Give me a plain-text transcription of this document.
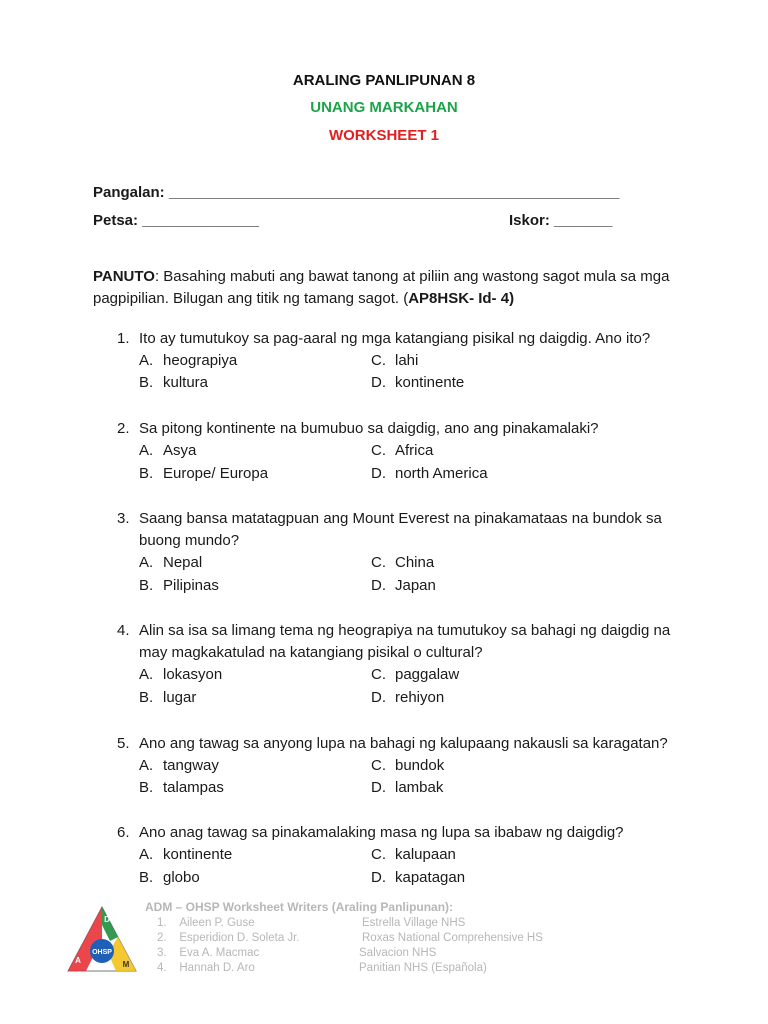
ARALING PANLIPUNAN 8
UNANG MARKAHAN
WORKSHEET 1
Pangalan: ______________________________________________________
Petsa: ______________	Iskor: _______
PANUTO: Basahing mabuti ang bawat tanong at piliin ang wastong sagot mula sa mga pagpipilian. Bilugan ang titik ng tamang sagot. (AP8HSK- Id- 4)
1. Ito ay tumutukoy sa pag-aaral ng mga katangiang pisikal ng daigdig. Ano ito?
A. heograpiya	C. lahi
B. kultura	D. kontinente
2. Sa pitong kontinente na bumubuo sa daigdig, ano ang pinakamalaki?
A. Asya	C. Africa
B. Europe/ Europa	D. north America
3. Saang bansa matatagpuan ang Mount Everest na pinakamataas na bundok sa buong mundo?
A. Nepal	C. China
B. Pilipinas	D. Japan
4. Alin sa isa sa limang tema ng heograpiya na tumutukoy sa bahagi ng daigdig na may magkakatulad na katangiang pisikal o cultural?
A. lokasyon	C. paggalaw
B. lugar	D. rehiyon
5. Ano ang tawag sa anyong lupa na bahagi ng kalupaang nakausli sa karagatan?
A. tangway	C. bundok
B. talampas	D. lambak
6. Ano anag tawag sa pinakamalaking masa ng lupa sa ibabaw ng daigdig?
A. kontinente	C. kalupaan
B. globo	D. kapatagan
OHSP
A
D
M
ADM – OHSP Worksheet Writers (Araling Panlipunan):
1. Aileen P. Guse	Estrella Village NHS
2. Esperidion D. Soleta Jr.	Roxas National Comprehensive HS
3. Eva A. Macmac	Salvacion NHS
4. Hannah D. Aro	Panitian NHS (Española)
